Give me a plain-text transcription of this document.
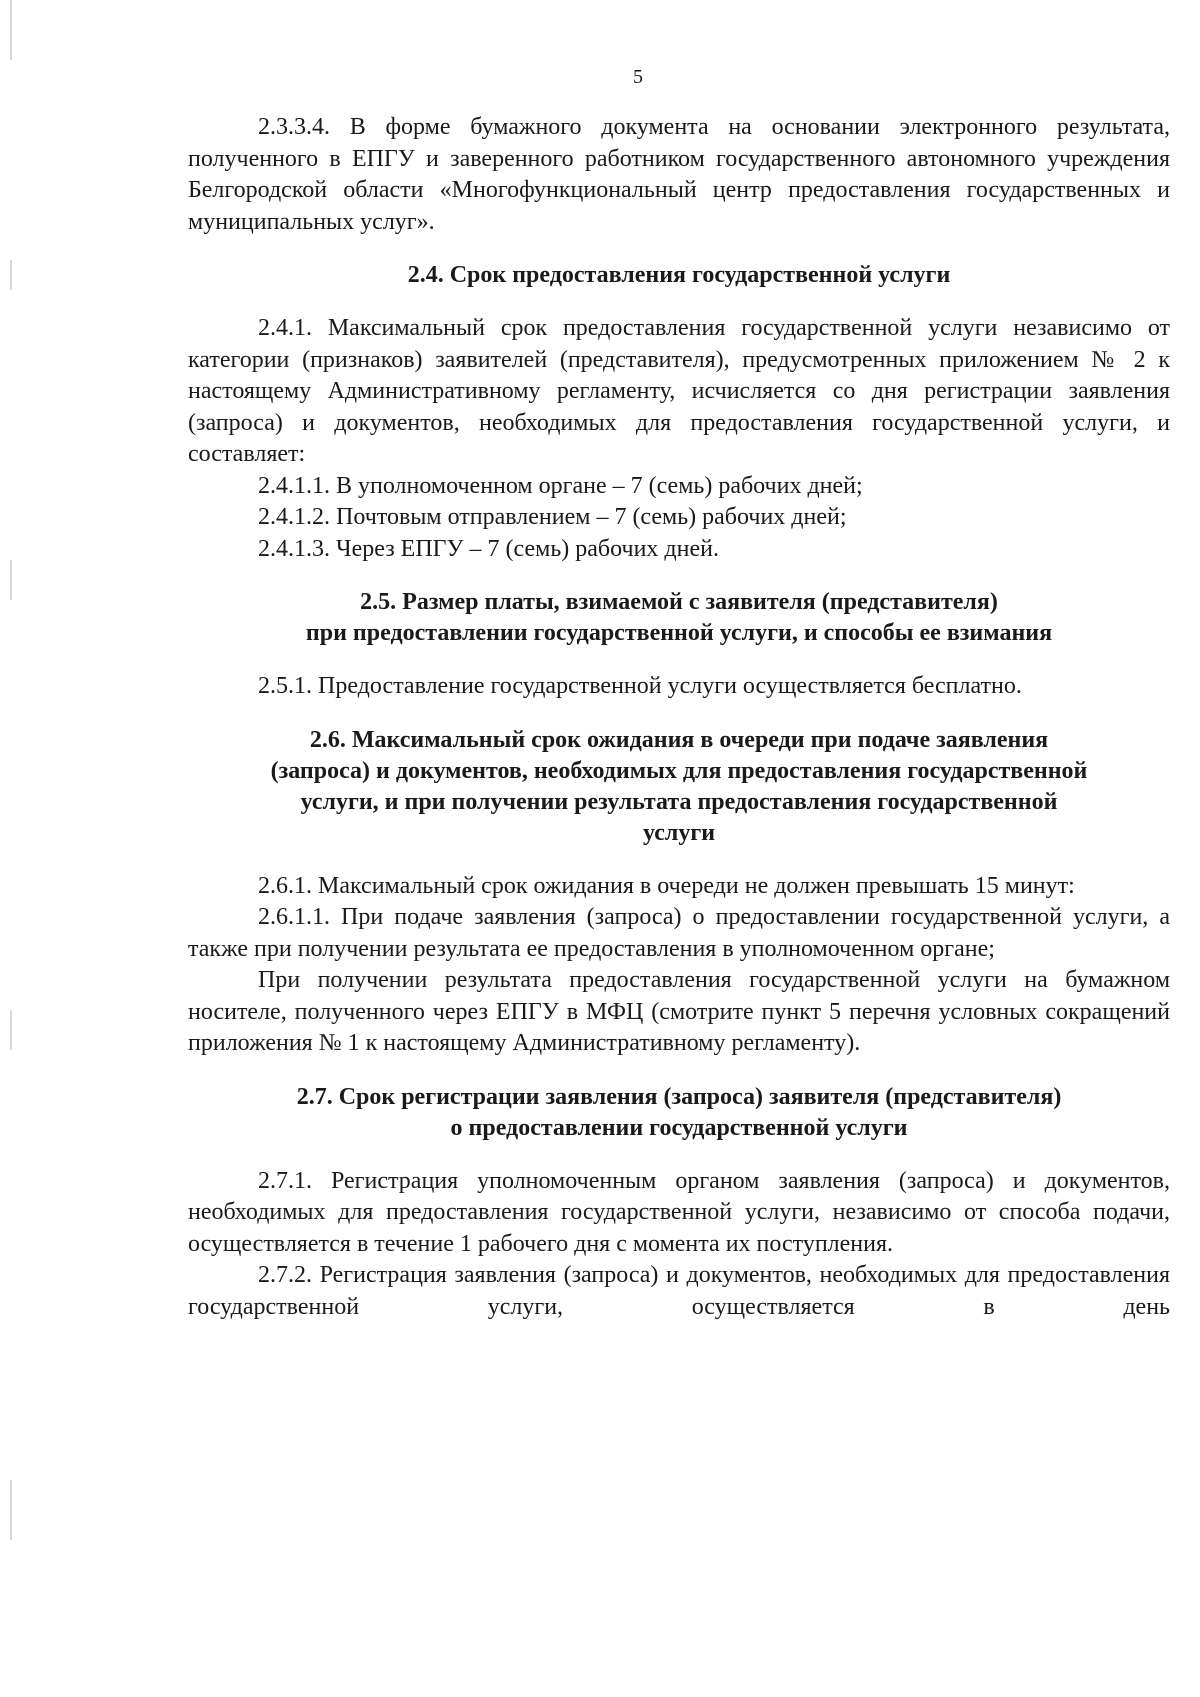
5

2.3.3.4. В форме бумажного документа на основании электронного результата, полученного в ЕПГУ и заверенного работником государственного автономного учреждения Белгородской области «Многофункциональный центр предоставления государственных и муниципальных услуг».

2.4. Срок предоставления государственной услуги

2.4.1. Максимальный срок предоставления государственной услуги независимо от категории (признаков) заявителей (представителя), предусмотренных приложением № 2 к настоящему Административному регламенту, исчисляется со дня регистрации заявления (запроса) и документов, необходимых для предоставления государственной услуги, и составляет:

2.4.1.1. В уполномоченном органе – 7 (семь) рабочих дней;

2.4.1.2. Почтовым отправлением – 7 (семь) рабочих дней;

2.4.1.3. Через ЕПГУ – 7 (семь) рабочих дней.

2.5. Размер платы, взимаемой с заявителя (представителя)
при предоставлении государственной услуги, и способы ее взимания

2.5.1. Предоставление государственной услуги осуществляется бесплатно.

2.6. Максимальный срок ожидания в очереди при подаче заявления
(запроса) и документов, необходимых для предоставления государственной
услуги, и при получении результата предоставления государственной
услуги

2.6.1. Максимальный срок ожидания в очереди не должен превышать 15 минут:

2.6.1.1. При подаче заявления (запроса) о предоставлении государственной услуги, а также при получении результата ее предоставления в уполномоченном органе;

При получении результата предоставления государственной услуги на бумажном носителе, полученного через ЕПГУ в МФЦ (смотрите пункт 5 перечня условных сокращений приложения № 1 к настоящему Административному регламенту).

2.7. Срок регистрации заявления (запроса) заявителя (представителя)
о предоставлении государственной услуги

2.7.1. Регистрация уполномоченным органом заявления (запроса) и документов, необходимых для предоставления государственной услуги, независимо от способа подачи, осуществляется в течение 1 рабочего дня с момента их поступления.

2.7.2. Регистрация заявления (запроса) и документов, необходимых для предоставления государственной услуги, осуществляется в день
